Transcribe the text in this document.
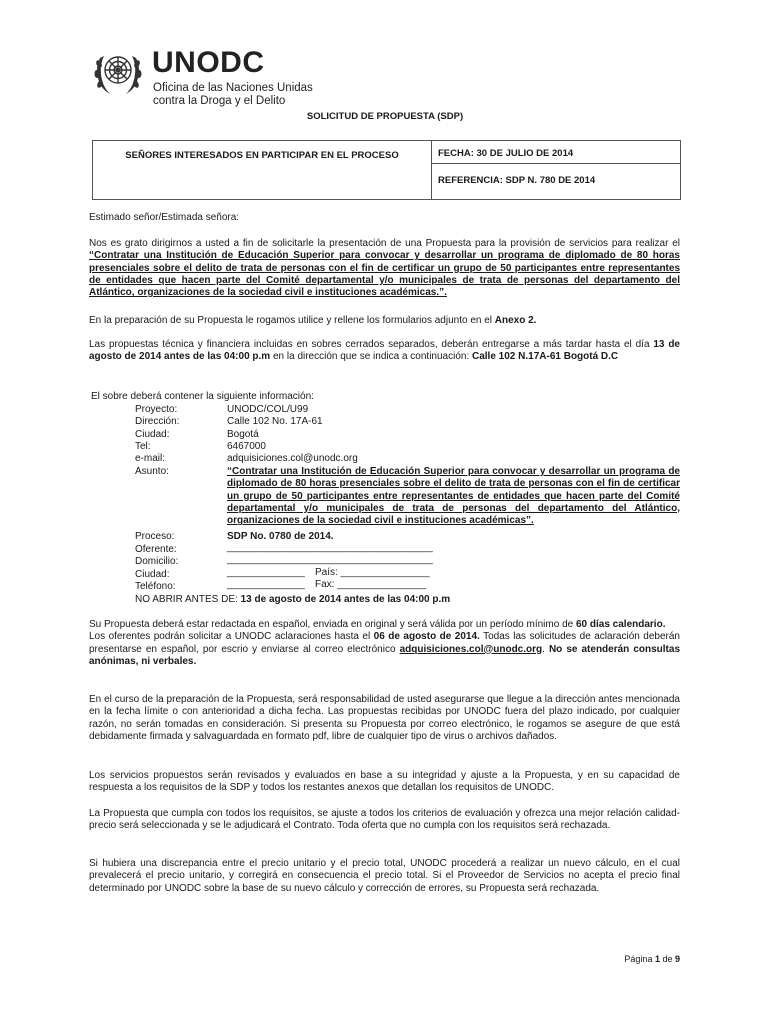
UNODC
Oficina de las Naciones Unidas
contra la Droga y el Delito
SOLICITUD DE PROPUESTA (SDP)
SEÑORES INTERESADOS EN PARTICIPAR EN EL PROCESO	FECHA: 30 DE JULIO DE 2014
REFERENCIA: SDP N. 780 DE 2014

Estimado señor/Estimada señora:

Nos es grato dirigirnos a usted a fin de solicitarle la presentación de una Propuesta para la provisión de servicios para realizar el “Contratar una Institución de Educación Superior para convocar y desarrollar un programa de diplomado de 80 horas presenciales sobre el delito de trata de personas con el fin de certificar un grupo de 50 participantes entre representantes de entidades que hacen parte del Comité departamental y/o municipales de trata de personas del departamento del Atlántico, organizaciones de la sociedad civil e instituciones académicas.”.

En la preparación de su Propuesta le rogamos utilice y rellene los formularios adjunto en el Anexo 2.

Las propuestas técnica y financiera incluidas en sobres cerrados separados, deberán entregarse a más tardar hasta el día 13 de agosto de 2014 antes de las 04:00 p.m en la dirección que se indica a continuación: Calle 102 N.17A-61 Bogotá D.C

El sobre deberá contener la siguiente información:
Proyecto:	UNODC/COL/U99
Dirección:	Calle 102 No. 17A-61
Ciudad:	Bogotá
Tel:	6467000
e-mail:	adquisiciones.col@unodc.org
Asunto:	“Contratar una Institución de Educación Superior para convocar y desarrollar un programa de diplomado de 80 horas presenciales sobre el delito de trata de personas con el fin de certificar un grupo de 50 participantes entre representantes de entidades que hacen parte del Comité departamental y/o municipales de trata de personas del departamento del Atlántico, organizaciones de la sociedad civil e instituciones académicas”.
Proceso:	SDP No. 0780 de 2014.
Oferente:	_____________________________________
Domicilio:	_____________________________________
Ciudad:	______________ País: ________________
Teléfono:	______________ Fax: ________________
NO ABRIR ANTES DE: 13 de agosto de 2014 antes de las 04:00 p.m

Su Propuesta deberá estar redactada en español, enviada en original y será válida por un período mínimo de 60 días calendario.

Los oferentes podrán solicitar a UNODC aclaraciones hasta el 06 de agosto de 2014. Todas las solicitudes de aclaración deberán presentarse en español, por escrio y enviarse al correo electrónico adquisiciones.col@unodc.org. No se atenderán consultas anónimas, ni verbales.

En el curso de la preparación de la Propuesta, será responsabilidad de usted asegurarse que llegue a la dirección antes mencionada en la fecha límite o con anterioridad a dicha fecha. Las propuestas recibidas por UNODC fuera del plazo indicado, por cualquier razón, no serán tomadas en consideración. Si presenta su Propuesta por correo electrónico, le rogamos se asegure de que está debidamente firmada y salvaguardada en formato pdf, libre de cualquier tipo de virus o archivos dañados.

Los servicios propuestos serán revisados y evaluados en base a su integridad y ajuste a la Propuesta, y en su capacidad de respuesta a los requisitos de la SDP y todos los restantes anexos que detallan los requisitos de UNODC.

La Propuesta que cumpla con todos los requisitos, se ajuste a todos los criterios de evaluación y ofrezca una mejor relación calidad-precio será seleccionada y se le adjudicará el Contrato. Toda oferta que no cumpla con los requisitos será rechazada.

Si hubiera una discrepancia entre el precio unitario y el precio total, UNODC procederá a realizar un nuevo cálculo, en el cual prevalecerá el precio unitario, y corregirá en consecuencia el precio total. Si el Proveedor de Servicios no acepta el precio final determinado por UNODC sobre la base de su nuevo cálculo y corrección de errores, su Propuesta será rechazada.

Página 1 de 9
